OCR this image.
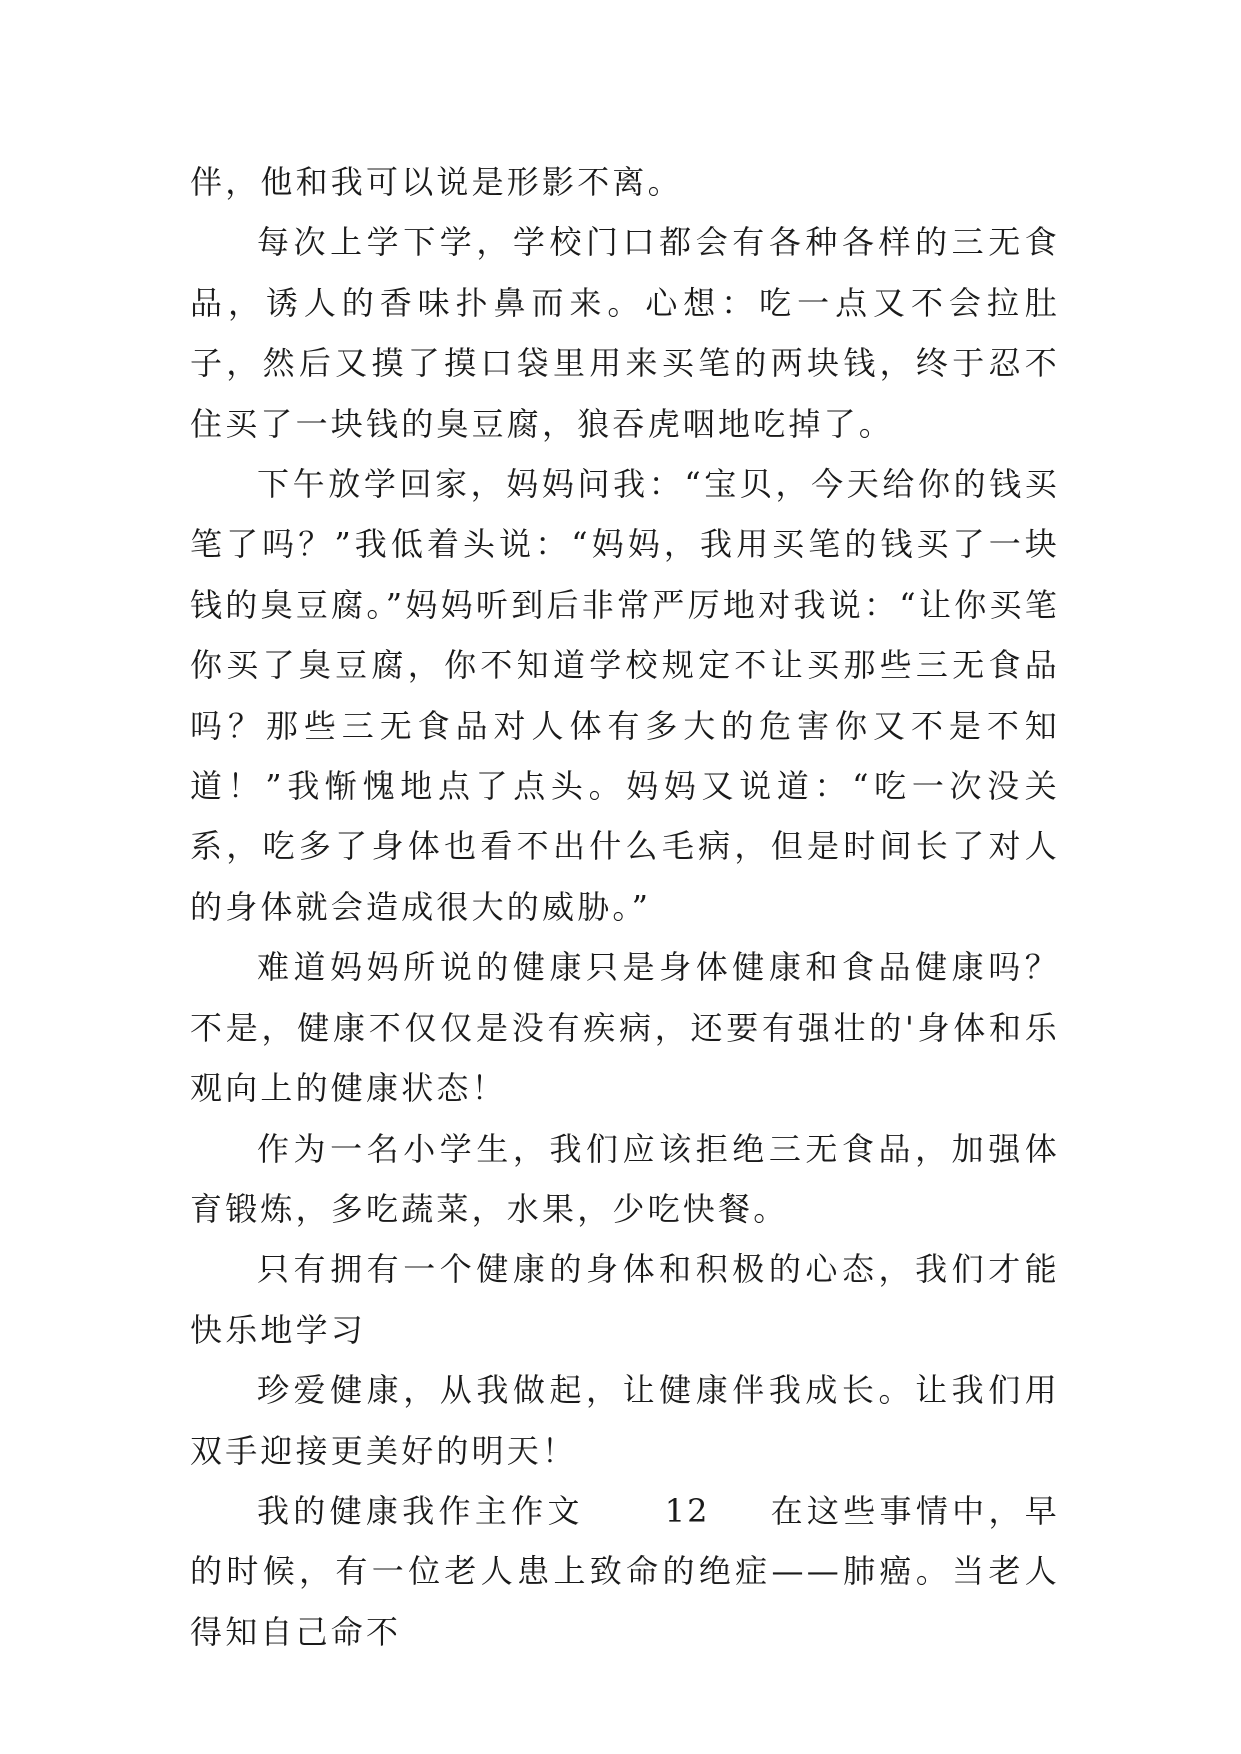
伴，他和我可以说是形影不离。

每次上学下学，学校门口都会有各种各样的三无食品，诱人的香味扑鼻而来。心想：吃一点又不会拉肚子，然后又摸了摸口袋里用来买笔的两块钱，终于忍不住买了一块钱的臭豆腐，狼吞虎咽地吃掉了。

下午放学回家，妈妈问我：“宝贝，今天给你的钱买笔了吗？”我低着头说：“妈妈，我用买笔的钱买了一块钱的臭豆腐。”妈妈听到后非常严厉地对我说：“让你买笔你买了臭豆腐，你不知道学校规定不让买那些三无食品吗？那些三无食品对人体有多大的危害你又不是不知道！”我惭愧地点了点头。妈妈又说道：“吃一次没关系，吃多了身体也看不出什么毛病，但是时间长了对人的身体就会造成很大的威胁。”

难道妈妈所说的健康只是身体健康和食品健康吗？不是，健康不仅仅是没有疾病，还要有强壮的'身体和乐观向上的健康状态！

作为一名小学生，我们应该拒绝三无食品，加强体育锻炼，多吃蔬菜，水果，少吃快餐。

只有拥有一个健康的身体和积极的心态，我们才能快乐地学习

珍爱健康，从我做起，让健康伴我成长。让我们用双手迎接更美好的明天！

我的健康我作主作文	12 在这些事情中，早的时候，有一位老人患上致命的绝症——肺癌。当老人得知自己命不
